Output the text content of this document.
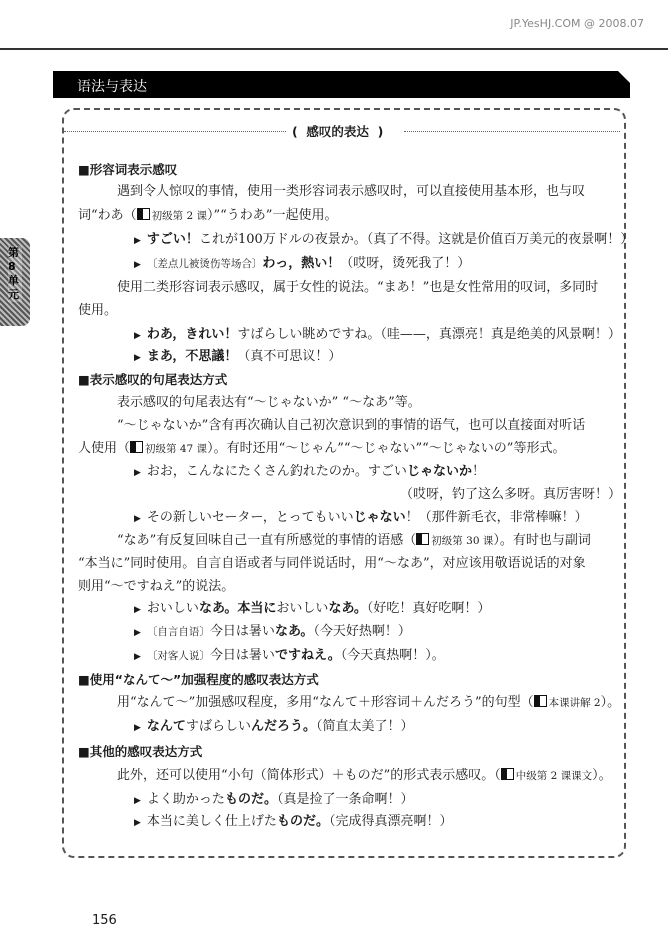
JP.YesHJ.COM @ 2008.07
语法与表达
第8单元
(  感叹的表达  )
■形容词表示感叹
遇到令人惊叹的事情，使用一类形容词表示感叹时，可以直接使用基本形，也与叹
词“わあ（ 初级第 2 课）”“うわあ”一起使用。
▶ すごい！これが100万ドルの夜景か。（真了不得。这就是价值百万美元的夜景啊！）
▶ 〔差点儿被烫伤等场合〕わっ，熱い！（哎呀，烫死我了！）
使用二类形容词表示感叹，属于女性的说法。“まあ！”也是女性常用的叹词，多同时
使用。
▶ わあ，きれい！すばらしい眺めですね。（哇——，真漂亮！真是绝美的风景啊！）
▶ まあ，不思議！（真不可思议！）
■表示感叹的句尾表达方式
表示感叹的句尾表达有“～じゃないか” “～なあ”等。
“～じゃないか”含有再次确认自己初次意识到的事情的语气，也可以直接面对听话
人使用（ 初级第 47 课）。有时还用“～じゃん”“～じゃない”“～じゃないの”等形式。
▶ おお，こんなにたくさん釣れたのか。すごいじゃないか！
（哎呀，钓了这么多呀。真厉害呀！）
▶ その新しいセーター，とってもいいじゃない！（那件新毛衣，非常棒嘛！）
“なあ”有反复回味自己一直有所感觉的事情的语感（ 初级第 30 课）。有时也与副词
“本当に”同时使用。自言自语或者与同伴说话时，用“～なあ”，对应该用敬语说话的对象
则用“～ですねえ”的说法。
▶ おいしいなあ。本当においしいなあ。（好吃！真好吃啊！）
▶ 〔自言自语〕今日は暑いなあ。（今天好热啊！）
▶ 〔对客人说〕今日は暑いですねえ。（今天真热啊！）。
■使用“なんて～”加强程度的感叹表达方式
用“なんて～”加强感叹程度，多用“なんて＋形容词＋んだろう”的句型（ 本课讲解 2）。
▶ なんてすばらしいんだろう。（简直太美了！）
■其他的感叹表达方式
此外，还可以使用“小句（简体形式）＋ものだ”的形式表示感叹。（ 中级第 2 课课文）。
▶ よく助かったものだ。（真是捡了一条命啊！）
▶ 本当に美しく仕上げたものだ。（完成得真漂亮啊！）
156
